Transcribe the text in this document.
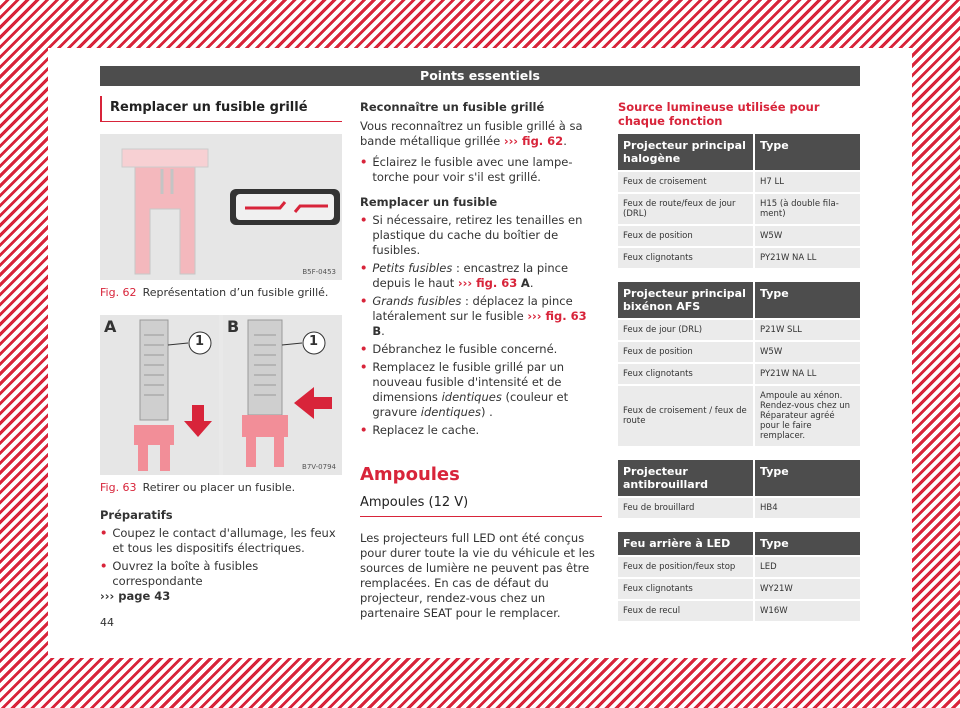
Points essentiels
Remplacer un fusible grillé
B5F-0453
Fig. 62 Représentation d’un fusible grillé.
A	B
1	1
B7V-0794
Fig. 63 Retirer ou placer un fusible.
Préparatifs
• Coupez le contact d'allumage, les feux et tous les dispositifs électriques.
• Ouvrez la boîte à fusibles correspondante
››› page 43
Reconnaître un fusible grillé

Vous reconnaîtrez un fusible grillé à sa bande métallique grillée ››› fig. 62.

• Éclairez le fusible avec une lampe-torche pour voir s'il est grillé.
Remplacer un fusible
• Si nécessaire, retirez les tenailles en plastique du cache du boîtier de fusibles.
• Petits fusibles : encastrez la pince depuis le haut ››› fig. 63 A.
• Grands fusibles : déplacez la pince latéralement sur le fusible ››› fig. 63 B.
• Débranchez le fusible concerné.
• Remplacez le fusible grillé par un nouveau fusible d'intensité et de dimensions identiques (couleur et gravure identiques) .
• Replacez le cache.
Ampoules
Ampoules (12 V)

Les projecteurs full LED ont été conçus pour durer toute la vie du véhicule et les sources de lumière ne peuvent pas être remplacées. En cas de défaut du projecteur, rendez-vous chez un partenaire SEAT pour le remplacer.

Source lumineuse utilisée pour chaque fonction
Projecteur principal halogène	Type
Feux de croisement	H7 LL
Feux de route/feux de jour (DRL)	H15 (à double filament)
Feux de position	W5W
Feux clignotants	PY21W NA LL
Projecteur principal bixénon AFS	Type
Feux de jour (DRL)	P21W SLL
Feux de position	W5W
Feux clignotants	PY21W NA LL
Feux de croisement / feux de route	Ampoule au xénon. Rendez-vous chez un Réparateur agréé pour le faire remplacer.
Projecteur antibrouillard	Type
Feu de brouillard	HB4
Feu arrière à LED	Type
Feux de position/feux stop	LED
Feux clignotants	WY21W
Feux de recul	W16W
44
